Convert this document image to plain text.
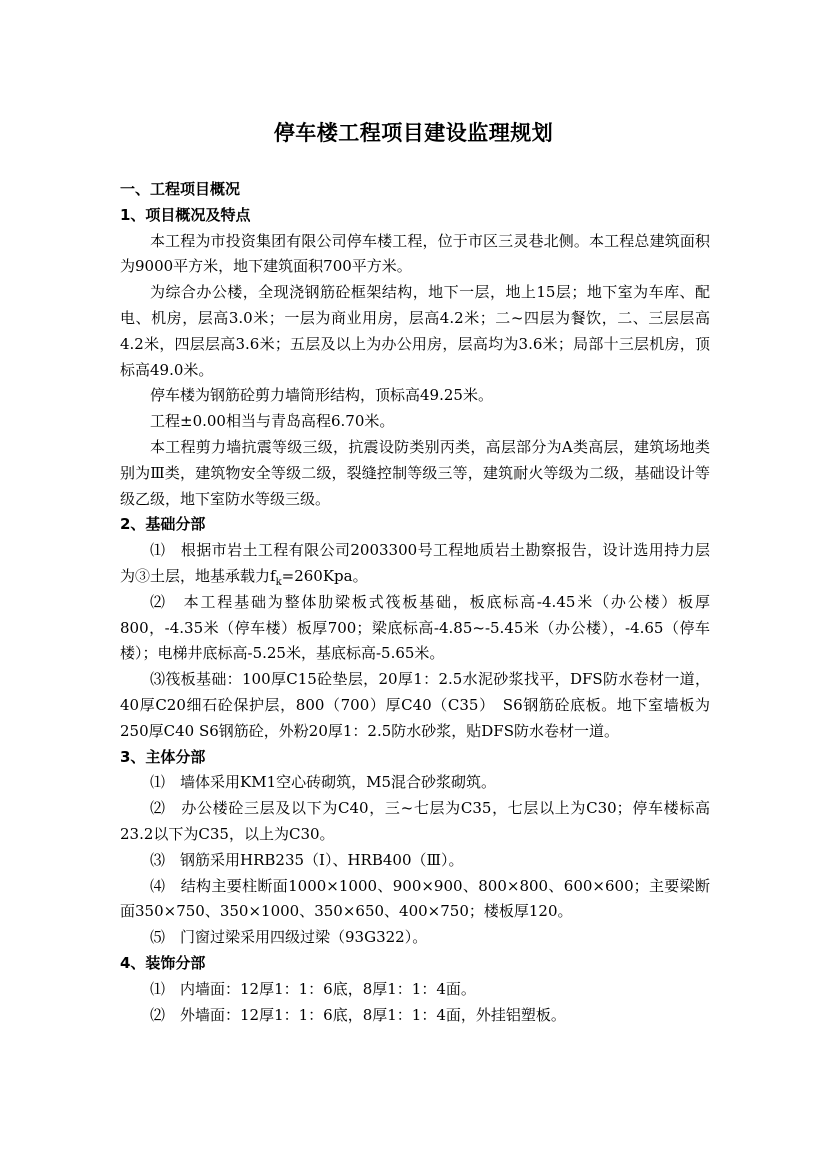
停车楼工程项目建设监理规划
一、工程项目概况
1、项目概况及特点
本工程为市投资集团有限公司停车楼工程，位于市区三灵巷北侧。本工程总建筑面积为9000平方米，地下建筑面积700平方米。
为综合办公楼，全现浇钢筋砼框架结构，地下一层，地上15层；地下室为车库、配电、机房，层高3.0米；一层为商业用房，层高4.2米；二~四层为餐饮，二、三层层高4.2米，四层层高3.6米；五层及以上为办公用房，层高均为3.6米；局部十三层机房，顶标高49.0米。
停车楼为钢筋砼剪力墙筒形结构，顶标高49.25米。
工程±0.00相当与青岛高程6.70米。
本工程剪力墙抗震等级三级，抗震设防类别丙类，高层部分为A类高层，建筑场地类别为Ⅲ类，建筑物安全等级二级，裂缝控制等级三等，建筑耐火等级为二级，基础设计等级乙级，地下室防水等级三级。
2、基础分部
⑴　根据市岩土工程有限公司2003300号工程地质岩土勘察报告，设计选用持力层为③土层，地基承载力$f_k=260Kpa$。
⑵　本工程基础为整体肋梁板式筏板基础，板底标高-4.45米（办公楼）板厚800，-4.35米（停车楼）板厚700；梁底标高-4.85~-5.45米（办公楼），-4.65（停车楼）；电梯井底标高-5.25米，基底标高-5.65米。
⑶筏板基础：100厚C15砼垫层，20厚1：2.5水泥砂浆找平，DFS防水卷材一道，40厚C20细石砼保护层，800（700）厚C40（C35）　S6钢筋砼底板。地下室墙板为250厚C40 S6钢筋砼，外粉20厚1：2.5防水砂浆，贴DFS防水卷材一道。
3、主体分部
⑴　墙体采用KM1空心砖砌筑，M5混合砂浆砌筑。
⑵　办公楼砼三层及以下为C40，三~七层为C35，七层以上为C30；停车楼标高23.2以下为C35，以上为C30。
⑶　钢筋采用HRB235（Ⅰ）、HRB400（Ⅲ）。
⑷　结构主要柱断面1000×1000、900×900、800×800、600×600；主要梁断面350×750、350×1000、350×650、400×750；楼板厚120。
⑸　门窗过梁采用四级过梁（93G322）。
4、装饰分部
⑴　内墙面：12厚1：1：6底，8厚1：1：4面。
⑵　外墙面：12厚1：1：6底，8厚1：1：4面，外挂铝塑板。
